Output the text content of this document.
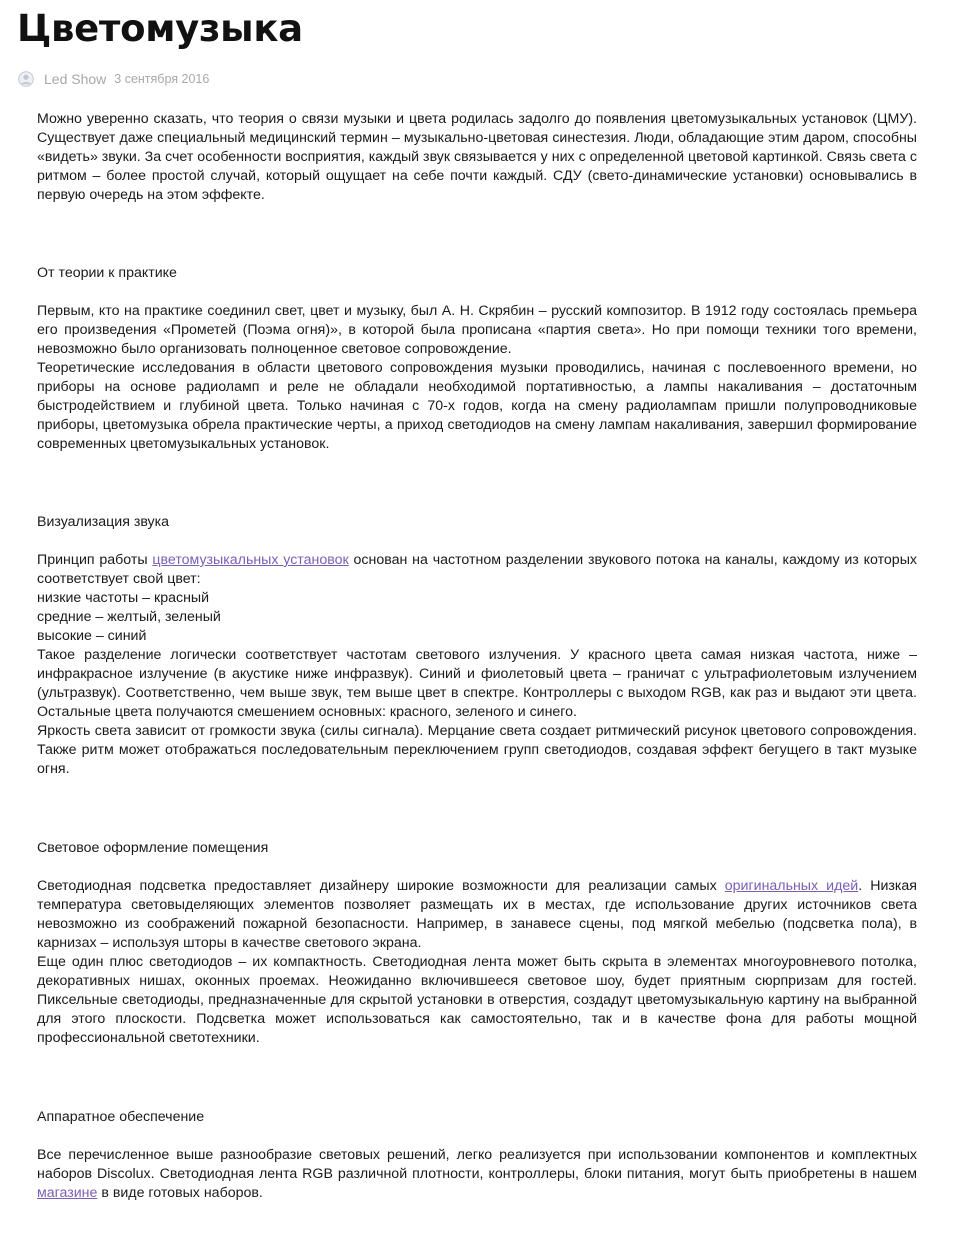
Цветомузыка
Led Show 3 сентября 2016

Можно уверенно сказать, что теория о связи музыки и цвета родилась задолго до появления цветомузыкальных установок (ЦМУ). Существует даже специальный медицинский термин – музыкально-цветовая синестезия. Люди, обладающие этим даром, способны «видеть» звуки. За счет особенности восприятия, каждый звук связывается у них с определенной цветовой картинкой. Связь света с ритмом – более простой случай, который ощущает на себе почти каждый. СДУ (свето-динамические установки) основывались в первую очередь на этом эффекте.

От теории к практике

Первым, кто на практике соединил свет, цвет и музыку, был А. Н. Скрябин – русский композитор. В 1912 году состоялась премьера его произведения «Прометей (Поэма огня)», в которой была прописана «партия света». Но при помощи техники того времени, невозможно было организовать полноценное световое сопровождение.

Теоретические исследования в области цветового сопровождения музыки проводились, начиная с послевоенного времени, но приборы на основе радиоламп и реле не обладали необходимой портативностью, а лампы накаливания – достаточным быстродействием и глубиной цвета. Только начиная с 70-х годов, когда на смену радиолампам пришли полупроводниковые приборы, цветомузыка обрела практические черты, а приход светодиодов на смену лампам накаливания, завершил формирование современных цветомузыкальных установок.

Визуализация звука

Принцип работы цветомузыкальных установок основан на частотном разделении звукового потока на каналы, каждому из которых соответствует свой цвет:

низкие частоты – красный

средние – желтый, зеленый

высокие – синий

Такое разделение логически соответствует частотам светового излучения. У красного цвета самая низкая частота, ниже – инфракрасное излучение (в акустике ниже инфразвук). Синий и фиолетовый цвета – граничат с ультрафиолетовым излучением (ультразвук). Соответственно, чем выше звук, тем выше цвет в спектре. Контроллеры с выходом RGB, как раз и выдают эти цвета. Остальные цвета получаются смешением основных: красного, зеленого и синего.

Яркость света зависит от громкости звука (силы сигнала). Мерцание света создает ритмический рисунок цветового сопровождения. Также ритм может отображаться последовательным переключением групп светодиодов, создавая эффект бегущего в такт музыке огня.

Световое оформление помещения

Светодиодная подсветка предоставляет дизайнеру широкие возможности для реализации самых оригинальных идей. Низкая температура световыделяющих элементов позволяет размещать их в местах, где использование других источников света невозможно из соображений пожарной безопасности. Например, в занавесе сцены, под мягкой мебелью (подсветка пола), в карнизах – используя шторы в качестве светового экрана.

Еще один плюс светодиодов – их компактность. Светодиодная лента может быть скрыта в элементах многоуровневого потолка, декоративных нишах, оконных проемах. Неожиданно включившееся световое шоу, будет приятным сюрпризам для гостей. Пиксельные светодиоды, предназначенные для скрытой установки в отверстия, создадут цветомузыкальную картину на выбранной для этого плоскости. Подсветка может использоваться как самостоятельно, так и в качестве фона для работы мощной профессиональной светотехники.

Аппаратное обеспечение

Все перечисленное выше разнообразие световых решений, легко реализуется при использовании компонентов и комплектных наборов Discolux. Светодиодная лента RGB различной плотности, контроллеры, блоки питания, могут быть приобретены в нашем магазине в виде готовых наборов.
